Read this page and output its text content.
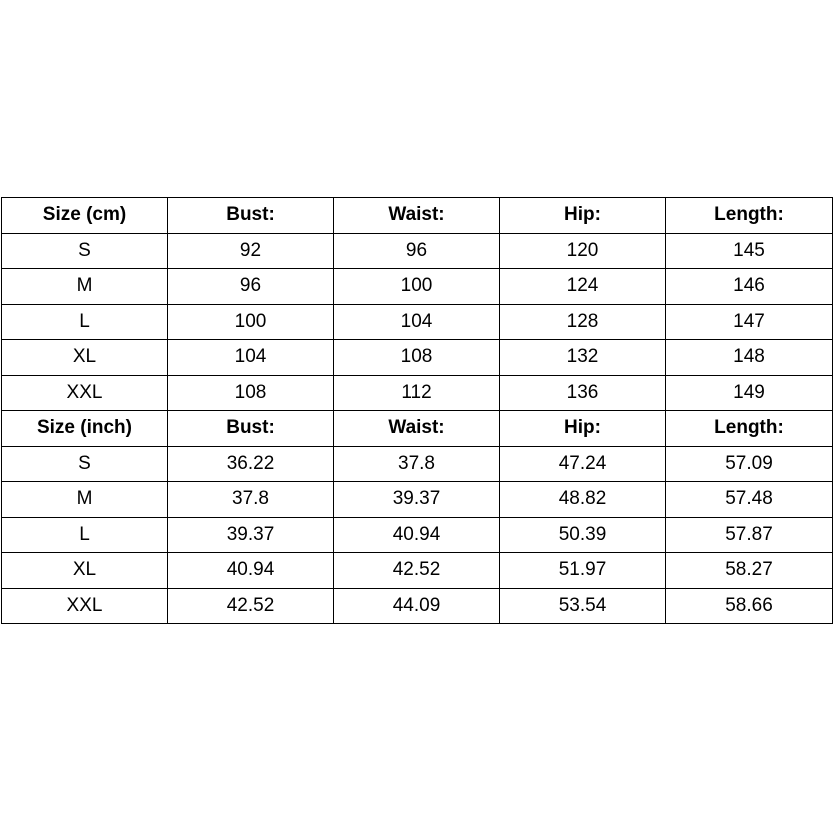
Size (cm)	Bust:	Waist:	Hip:	Length:
S	92	96	120	145
M	96	100	124	146
L	100	104	128	147
XL	104	108	132	148
XXL	108	112	136	149
Size (inch)	Bust:	Waist:	Hip:	Length:
S	36.22	37.8	47.24	57.09
M	37.8	39.37	48.82	57.48
L	39.37	40.94	50.39	57.87
XL	40.94	42.52	51.97	58.27
XXL	42.52	44.09	53.54	58.66
